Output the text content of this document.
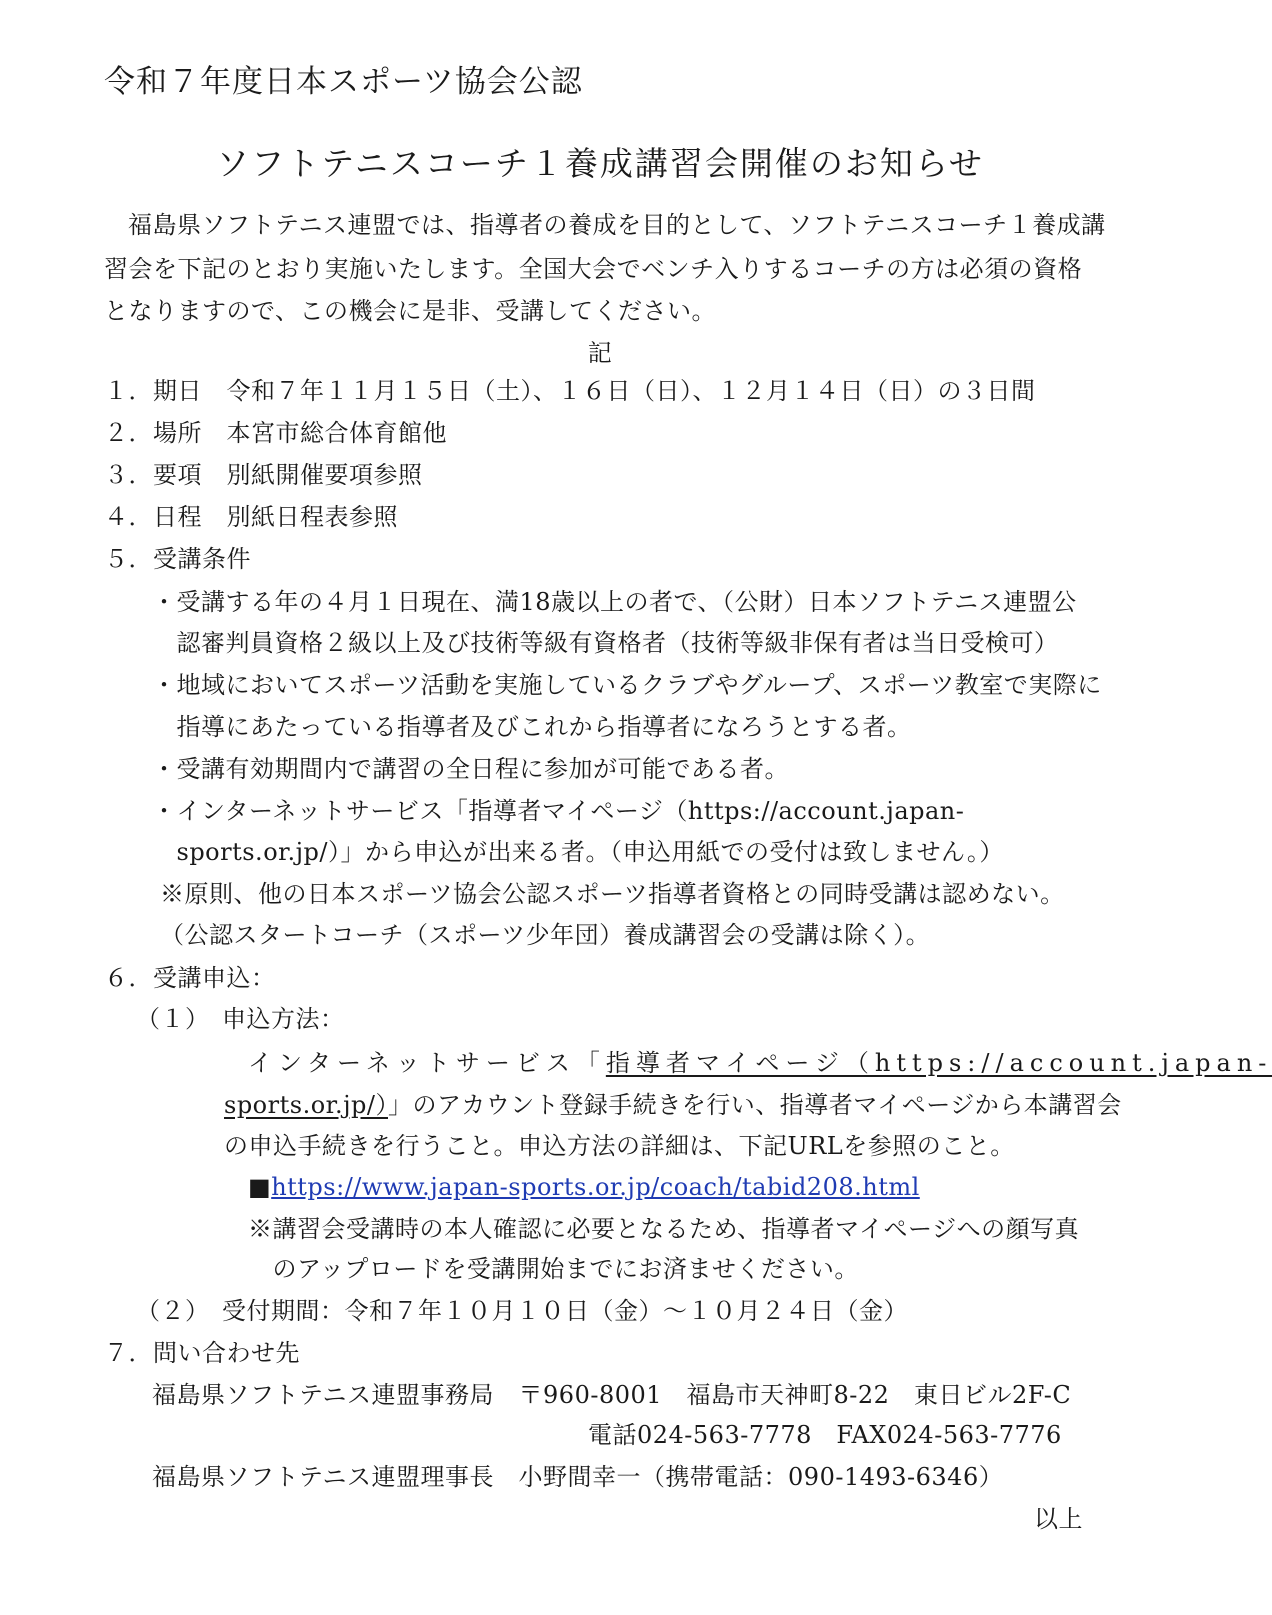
令和７年度日本スポーツ協会公認
ソフトテニスコーチ１養成講習会開催のお知らせ
福島県ソフトテニス連盟では、指導者の養成を目的として、ソフトテニスコーチ１養成講
習会を下記のとおり実施いたします。全国大会でベンチ入りするコーチの方は必須の資格
となりますので、この機会に是非、受講してください。
記
１．期日　令和７年１１月１５日（土）、１６日（日）、１２月１４日（日）の３日間
２．場所　本宮市総合体育館他
３．要項　別紙開催要項参照
４．日程　別紙日程表参照
５．受講条件
・受講する年の４月１日現在、満18歳以上の者で、（公財）日本ソフトテニス連盟公
　認審判員資格２級以上及び技術等級有資格者（技術等級非保有者は当日受検可）
・地域においてスポーツ活動を実施しているクラブやグループ、スポーツ教室で実際に
　指導にあたっている指導者及びこれから指導者になろうとする者。
・受講有効期間内で講習の全日程に参加が可能である者。
・インターネットサービス「指導者マイページ（https://account.japan-
　sports.or.jp/）」から申込が出来る者。（申込用紙での受付は致しません。）
※原則、他の日本スポーツ協会公認スポーツ指導者資格との同時受講は認めない。
（公認スタートコーチ（スポーツ少年団）養成講習会の受講は除く）。
６．受講申込：
（１）　申込方法：
インターネットサービス「指導者マイページ（https://account.japan-
sports.or.jp/）」のアカウント登録手続きを行い、指導者マイページから本講習会
の申込手続きを行うこと。申込方法の詳細は、下記URLを参照のこと。
■https://www.japan-sports.or.jp/coach/tabid208.html
※講習会受講時の本人確認に必要となるため、指導者マイページへの顔写真
　のアップロードを受講開始までにお済ませください。
（２）　受付期間：令和７年１０月１０日（金）～１０月２４日（金）
７．問い合わせ先
福島県ソフトテニス連盟事務局　〒960-8001　福島市天神町8-22　東日ビル2F-C
電話024-563-7778　FAX024-563-7776
福島県ソフトテニス連盟理事長　小野間幸一（携帯電話：090-1493-6346）
以上
